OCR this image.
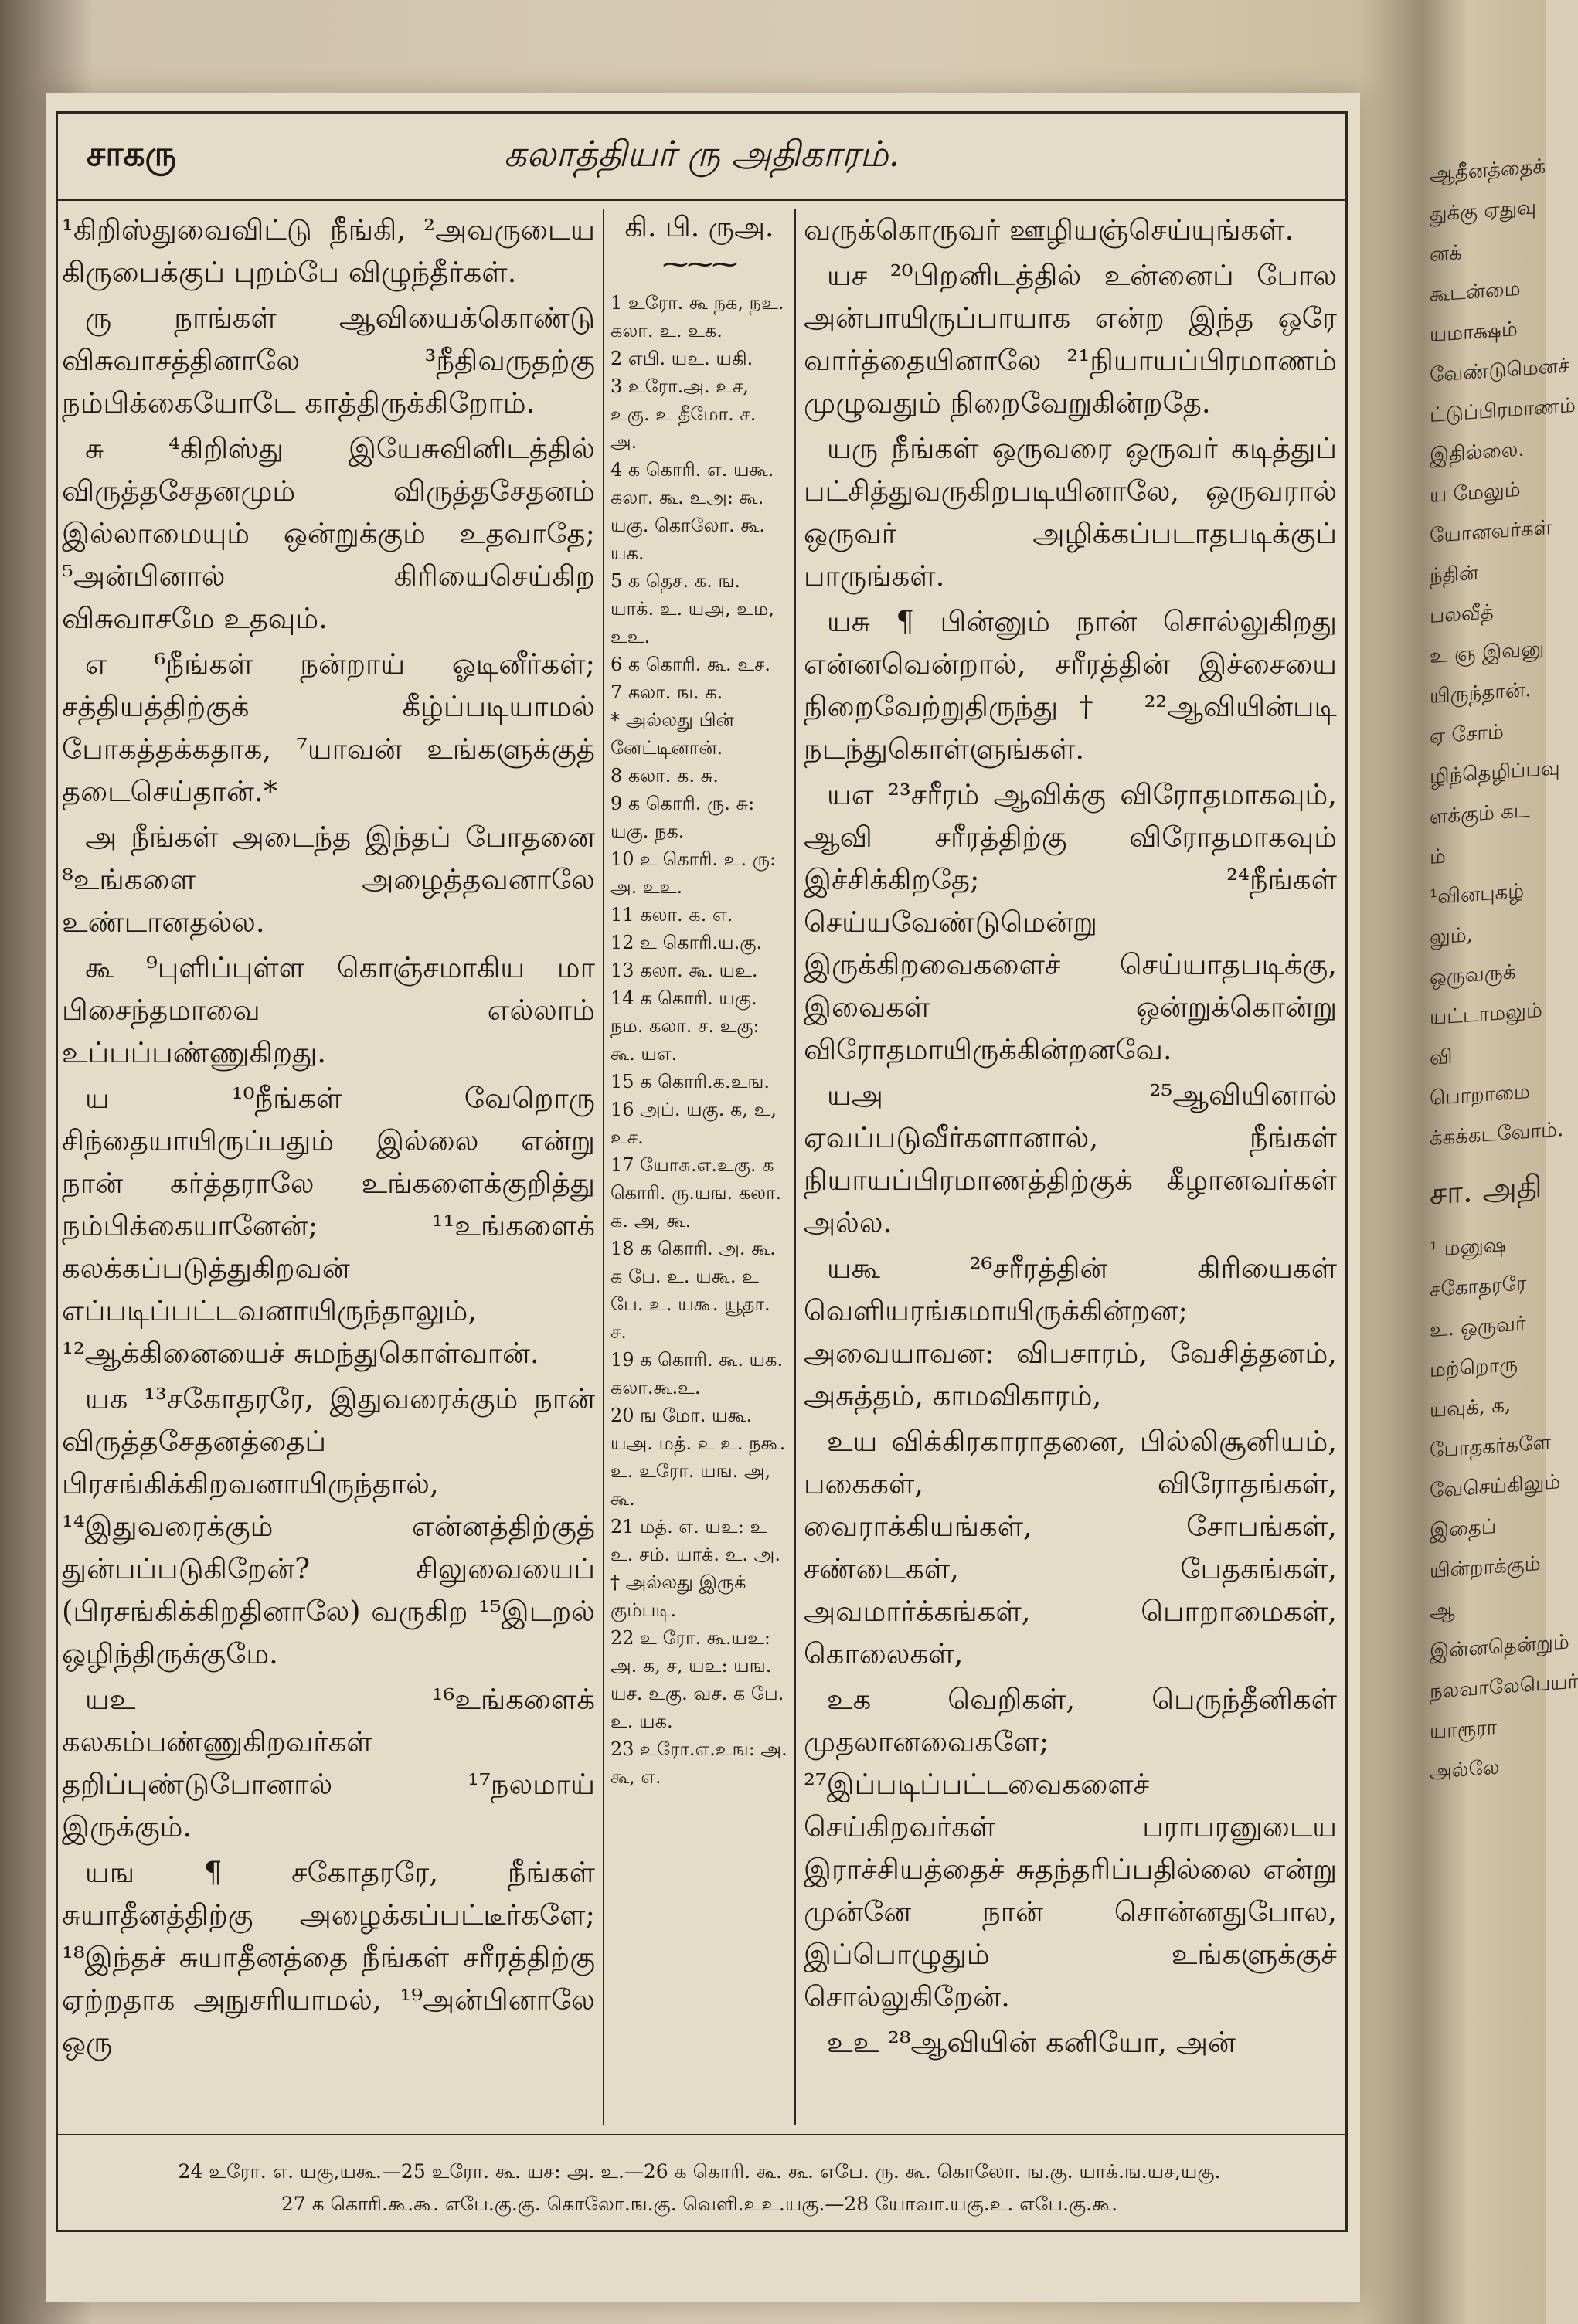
சாகரு	கலாத்தியர் ரு அதிகாரம்.

¹கிறிஸ்துவைவிட்டு நீங்கி, ²அவருடைய கிருபைக்குப் புறம்பே விழுந்தீர்கள்.

ரு நாங்கள் ஆவியைக்கொண்டு விசுவாசத்தினாலே ³நீதிவருதற்கு நம்பிக்கையோடே காத்திருக்கிறோம்.

சு ⁴கிறிஸ்து இயேசுவினிடத்தில் விருத்தசேதனமும் விருத்தசேதனம் இல்லாமையும் ஒன்றுக்கும் உதவாதே; ⁵அன்பினால் கிரியைசெய்கிற விசுவாசமே உதவும்.

எ ⁶நீங்கள் நன்றாய் ஓடினீர்கள்; சத்தியத்திற்குக் கீழ்ப்படியாமல் போகத்தக்கதாக, ⁷யாவன் உங்களுக்குத் தடைசெய்தான்.*

அ நீங்கள் அடைந்த இந்தப் போதனை ⁸உங்களை அழைத்தவனாலே உண்டானதல்ல.

கூ ⁹புளிப்புள்ள கொஞ்சமாகிய மா பிசைந்தமாவை எல்லாம் உப்பப்பண்ணுகிறது.

ய ¹⁰நீங்கள் வேறொரு சிந்தையாயிருப்பதும் இல்லை என்று நான் கர்த்தராலே உங்களைக்குறித்து நம்பிக்கையானேன்; ¹¹உங்களைக் கலக்கப்படுத்துகிறவன் எப்படிப்பட்டவனாயிருந்தாலும், ¹²ஆக்கினையைச் சுமந்துகொள்வான்.

யக ¹³சகோதரரே, இதுவரைக்கும் நான் விருத்தசேதனத்தைப் பிரசங்கிக்கிறவனாயிருந்தால், ¹⁴இதுவரைக்கும் என்னத்திற்குத் துன்பப்படுகிறேன்? சிலுவையைப் (பிரசங்கிக்கிறதினாலே) வருகிற ¹⁵இடறல் ஒழிந்திருக்குமே.

யஉ ¹⁶உங்களைக் கலகம்பண்ணுகிறவர்கள் தறிப்புண்டுபோனால் ¹⁷நலமாய் இருக்கும்.

யங ¶ சகோதரரே, நீங்கள் சுயாதீனத்திற்கு அழைக்கப்பட்டீர்களே; ¹⁸இந்தச் சுயாதீனத்தை நீங்கள் சரீரத்திற்கு ஏற்றதாக அநுசரியாமல், ¹⁹அன்பினாலே ஒரு

கி. பி. ருஅ.
⁓⁓⁓

1 உரோ. கூ நக, நஉ. கலா. உ. உக.

2 எபி. யஉ. யகி.

3 உரோ.அ. உச, உகு. உ தீமோ. ச. அ.

4 க கொரி. எ. யகூ. கலா. கூ. உஅ: கூ. யகு. கொலோ. கூ. யக.

5 க தெச. க. ங. யாக். உ. யஅ, உம, உஉ.

6 க கொரி. கூ. உச.

7 கலா. ங. க.

* அல்லது பின் னேட்டினான்.

8 கலா. க. சு.

9 க கொரி. ரு. சு: யகு. நக.

10 உ கொரி. உ. ரு: அ. உஉ.

11 கலா. க. எ.

12 உ கொரி.ய.கு.

13 கலா. கூ. யஉ.

14 க கொரி. யகு. நம. கலா. ச. உகு: கூ. யஎ.

15 க கொரி.க.உங.

16 அப். யகு. க, உ, உச.

17 யோசு.எ.உகு. க கொரி. ரு.யங. கலா. க. அ, கூ.

18 க கொரி. அ. கூ. க பே. உ. யகூ. உ பே. உ. யகூ. யூதா. ச.

19 க கொரி. கூ. யக. கலா.கூ.உ.

20 ங மோ. யகூ. யஅ. மத். உ உ. நகூ. உ. உரோ. யங. அ, கூ.

21 மத். எ. யஉ: உ உ. சம். யாக். உ. அ.

† அல்லது இருக் கும்படி.

22 உ ரோ. கூ.யஉ: அ. க, ச, யஉ: யங. யச. உகு. வச. க பே. உ. யக.

23 உரோ.எ.உங: அ. கூ, எ.

வருக்கொருவர் ஊழியஞ்செய்யுங்கள்.

யச ²⁰பிறனிடத்தில் உன்னைப் போல அன்பாயிருப்பாயாக என்ற இந்த ஒரே வார்த்தையினாலே ²¹நியாயப்பிரமாணம் முழுவதும் நிறைவேறுகின்றதே.

யரு நீங்கள் ஒருவரை ஒருவர் கடித்துப் பட்சித்துவருகிறபடியினாலே, ஒருவரால் ஒருவர் அழிக்கப்படாதபடிக்குப் பாருங்கள்.

யசு ¶ பின்னும் நான் சொல்லுகிறது என்னவென்றால், சரீரத்தின் இச்சையை நிறைவேற்றுதிருந்து† ²²ஆவியின்படி நடந்துகொள்ளுங்கள்.

யஎ ²³சரீரம் ஆவிக்கு விரோதமாகவும், ஆவி சரீரத்திற்கு விரோதமாகவும் இச்சிக்கிறதே; ²⁴நீங்கள் செய்யவேண்டுமென்று இருக்கிறவைகளைச் செய்யாதபடிக்கு, இவைகள் ஒன்றுக்கொன்று விரோதமாயிருக்கின்றனவே.

யஅ ²⁵ஆவியினால் ஏவப்படுவீர்களானால், நீங்கள் நியாயப்பிரமாணத்திற்குக் கீழானவர்கள் அல்ல.

யகூ ²⁶சரீரத்தின் கிரியைகள் வெளியரங்கமாயிருக்கின்றன; அவையாவன: விபசாரம், வேசித்தனம், அசுத்தம், காமவிகாரம்,

உய விக்கிரகாராதனை, பில்லிசூனியம், பகைகள், விரோதங்கள், வைராக்கியங்கள், சோபங்கள், சண்டைகள், பேதகங்கள், அவமார்க்கங்கள், பொறாமைகள், கொலைகள்,

உக வெறிகள், பெருந்தீனிகள் முதலானவைகளே; ²⁷இப்படிப்பட்டவைகளைச் செய்கிறவர்கள் பராபரனுடைய இராச்சியத்தைச் சுதந்தரிப்பதில்லை என்று முன்னே நான் சொன்னதுபோல, இப்பொழுதும் உங்களுக்குச் சொல்லுகிறேன்.

உஉ ²⁸ஆவியின் கனியோ, அன்

24 உரோ. எ. யகு,யகூ.—25 உரோ. கூ. யச: அ. உ.—26 க கொரி. கூ. கூ. எபே. ரு. கூ. கொலோ. ங.கு. யாக்.ங.யச,யகு.
27 க கொரி.கூ.கூ. எபே.கு.கு. கொலோ.ங.கு. வெளி.உஉ.யகு.—28 யோவா.யகு.உ. எபே.கு.கூ.
ஆதீனத்தைக்
துக்கு ஏதுவு
னக் கூடன்மை
யமாக்ஷம்
வேண்டுமெனச்
ட்டுப்பிரமாணம்
இதில்லை.
ய மேலும்
யோனவர்கள்
ந்தின் பலவீத்
உ ஞ இவனு
யிருந்தான்.
ஏ சோம்
ழிந்தெழிப்பவு
ளக்கும் கட
ம் ¹வினபுகழ்
லும், ஒருவருக்
யட்டாமலும்
வி பொறாமை
க்கக்கடவோம்.
சா. அதி
¹ மனுஷ சகோதரரே
உ. ஒருவர் மற்றொரு
யவுக், க, போதகர்களே
வேசெய்கிலும் இதைப்
யின்றாக்கும்
ஆ இன்னதென்றும்
நலவாலேபெயர்
யாரூரா அல்லே
